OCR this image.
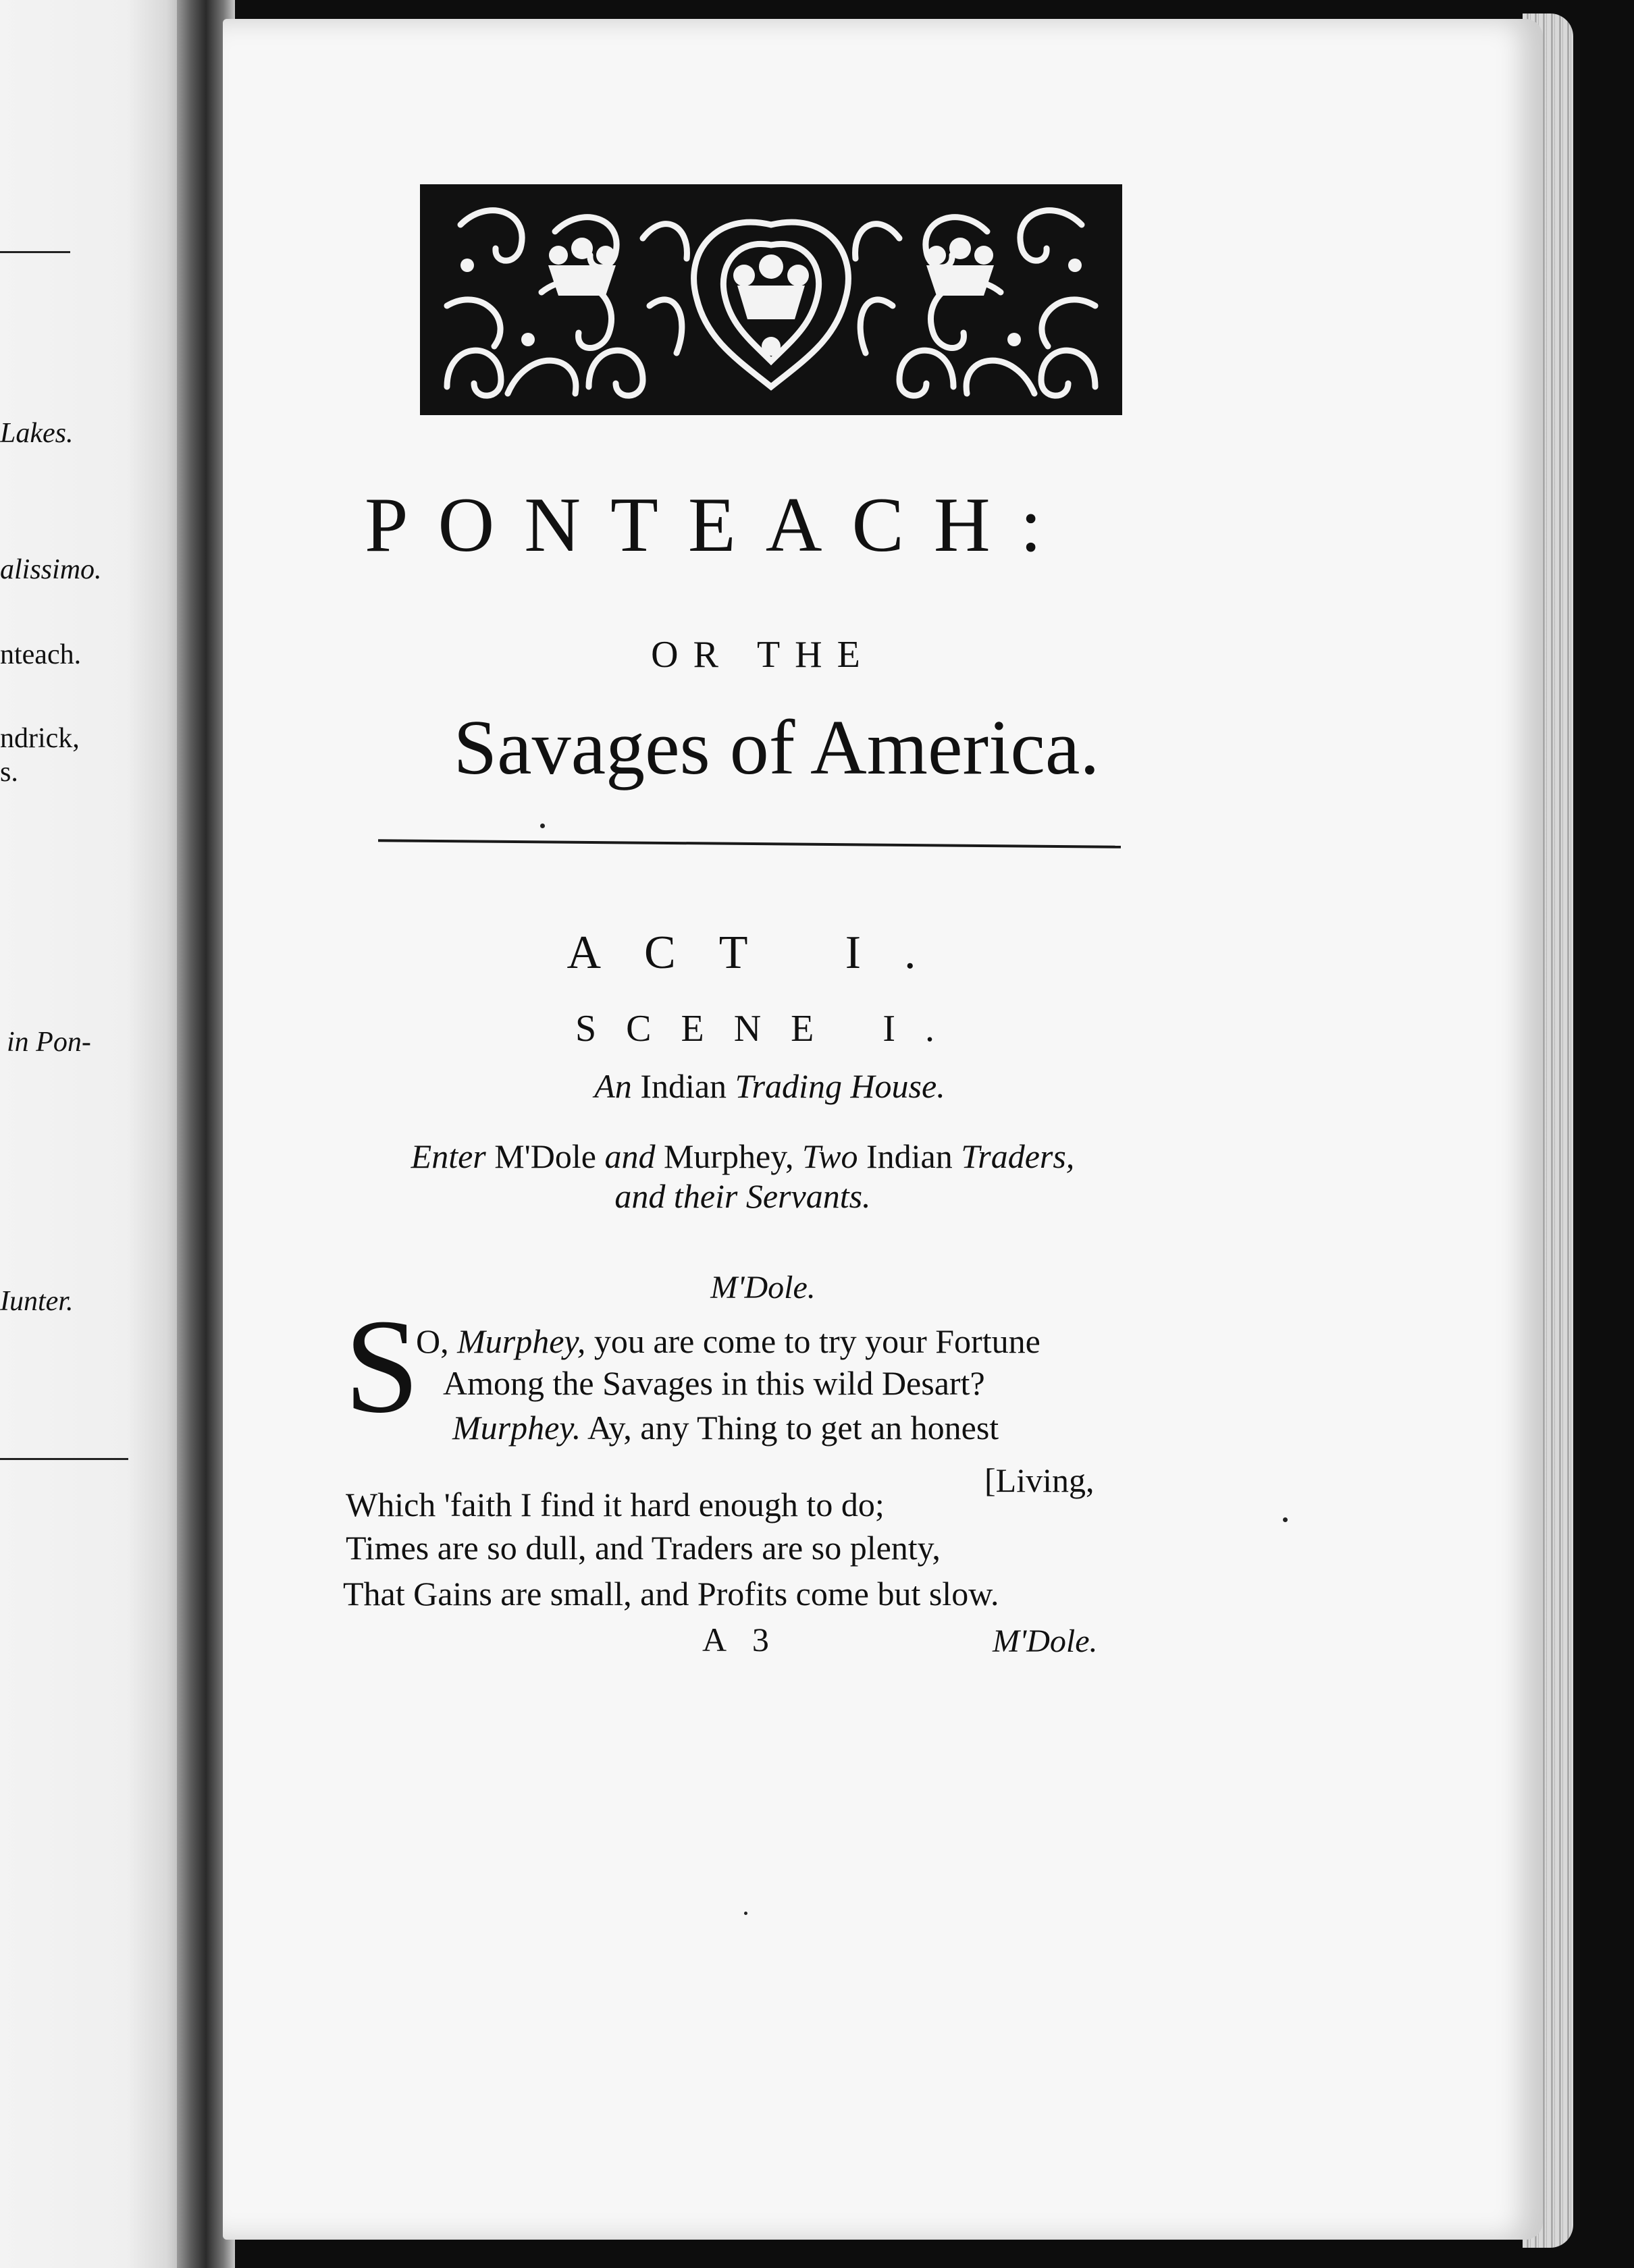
Lakes.
alissimo.
nteach.
ndrick,
s.
in Pon-
Iunter.
PONTEACH:
OR THE
Savages of America.
ACT I.
SCENE I.
An Indian Trading House.
Enter M'Dole and Murphey, Two Indian Traders,
and their Servants.
M'Dole.
S
O, Murphey, you are come to try your Fortune
Among the Savages in this wild Desart?
Murphey. Ay, any Thing to get an honest
[Living,
Which 'faith I find it hard enough to do;
Times are so dull, and Traders are so plenty,
That Gains are small, and Profits come but slow.
A 3	M'Dole.
